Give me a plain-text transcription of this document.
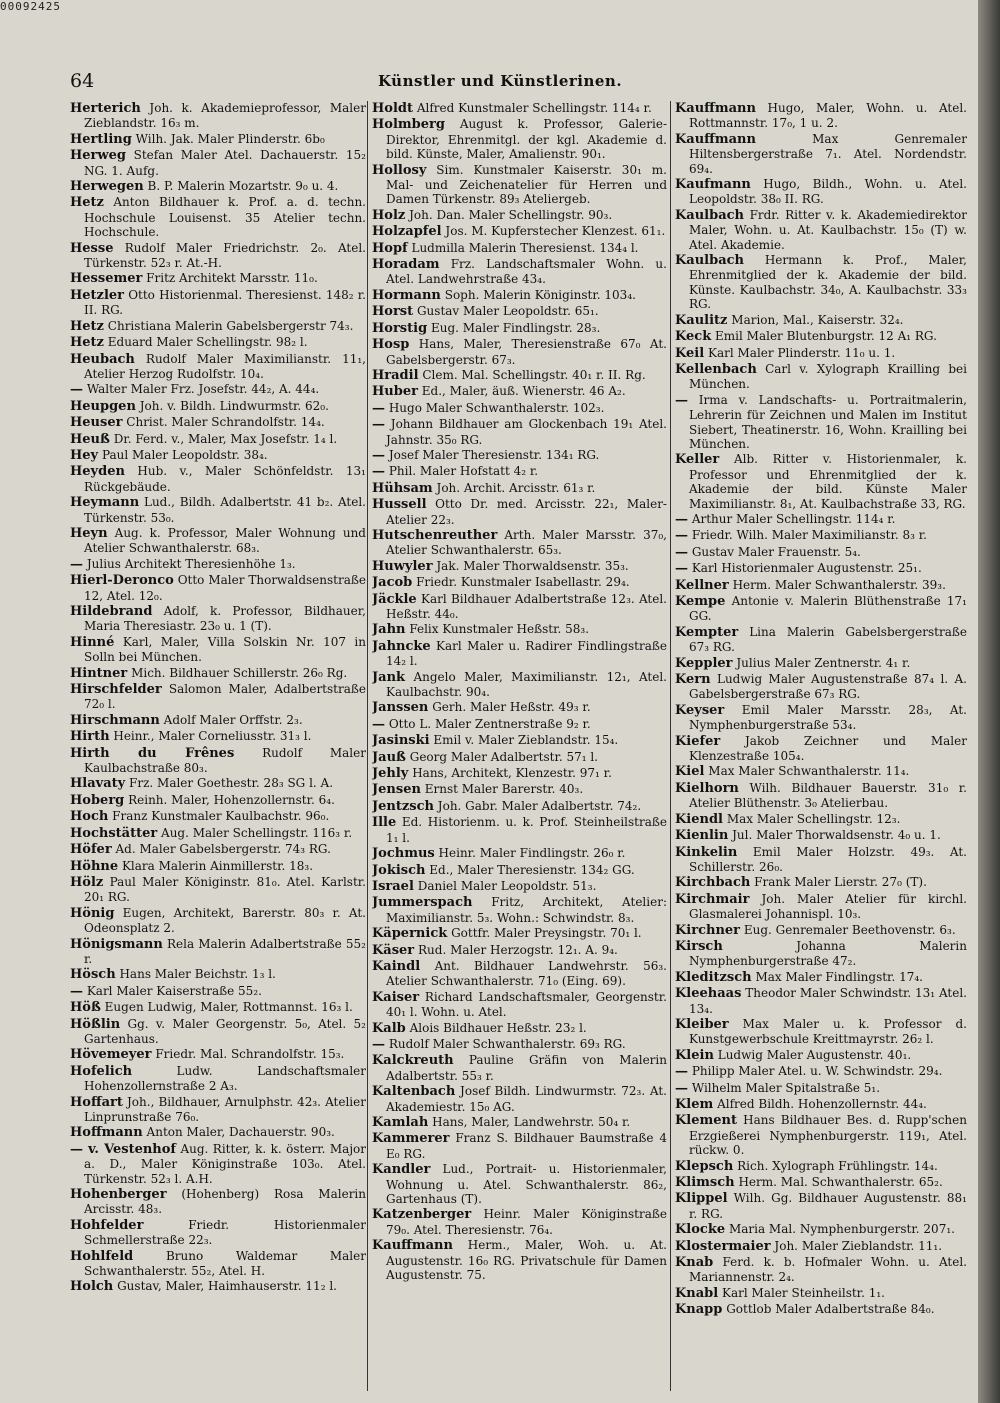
00092425
64	Künstler und Künstlerinen.
Herterich Joh. k. Akademieprofessor, Maler Zieblandstr. 16₃ m.
Hertling Wilh. Jak. Maler Plinderstr. 6b₀
Herweg Stefan Maler Atel. Dachauerstr. 15₂ NG. 1. Aufg.
Herwegen B. P. Malerin Mozartstr. 9₀ u. 4.
Hetz Anton Bildhauer k. Prof. a. d. techn. Hochschule Louisenst. 35 Atelier techn. Hochschule.
Hesse Rudolf Maler Friedrichstr. 2₀. Atel. Türkenstr. 52₃ r. At.-H.
Hessemer Fritz Architekt Marsstr. 11₀.
Hetzler Otto Historienmal. Theresienst. 148₂ r. II. RG.
Hetz Christiana Malerin Gabelsbergerstr 74₃.
Hetz Eduard Maler Schellingstr. 98₂ l.
Heubach Rudolf Maler Maximilianstr. 11₁, Atelier Herzog Rudolfstr. 10₄.
— Walter Maler Frz. Josefstr. 44₂, A. 44₄.
Heupgen Joh. v. Bildh. Lindwurmstr. 62₀.
Heuser Christ. Maler Schrandolfstr. 14₄.
Heuß Dr. Ferd. v., Maler, Max Josefstr. 1₄ l.
Hey Paul Maler Leopoldstr. 38₄.
Heyden Hub. v., Maler Schönfeldstr. 13₁ Rückgebäude.
Heymann Lud., Bildh. Adalbertstr. 41 b₂. Atel. Türkenstr. 53₀.
Heyn Aug. k. Professor, Maler Wohnung und Atelier Schwanthalerstr. 68₃.
— Julius Architekt Theresienhöhe 1₃.
Hierl-Deronco Otto Maler Thorwaldsenstraße 12, Atel. 12₀.
Hildebrand Adolf, k. Professor, Bildhauer, Maria Theresiastr. 23₀ u. 1 (T).
Hinné Karl, Maler, Villa Solskin Nr. 107 in Solln bei München.
Hintner Mich. Bildhauer Schillerstr. 26₀ Rg.
Hirschfelder Salomon Maler, Adalbertstraße 72₀ l.
Hirschmann Adolf Maler Orffstr. 2₃.
Hirth Heinr., Maler Corneliusstr. 31₃ l.
Hirth du Frênes Rudolf Maler Kaulbachstraße 80₃.
Hlavaty Frz. Maler Goethestr. 28₃ SG l. A.
Hoberg Reinh. Maler, Hohenzollernstr. 6₄.
Hoch Franz Kunstmaler Kaulbachstr. 96₀.
Hochstätter Aug. Maler Schellingstr. 116₃ r.
Höfer Ad. Maler Gabelsbergerstr. 74₃ RG.
Höhne Klara Malerin Ainmillerstr. 18₃.
Hölz Paul Maler Königinstr. 81₀. Atel. Karlstr. 20₁ RG.
Hönig Eugen, Architekt, Barerstr. 80₃ r. At. Odeonsplatz 2.
Hönigsmann Rela Malerin Adalbertstraße 55₂ r.
Hösch Hans Maler Beichstr. 1₃ l.
— Karl Maler Kaiserstraße 55₂.
Höß Eugen Ludwig, Maler, Rottmannst. 16₃ l.
Hößlin Gg. v. Maler Georgenstr. 5₀, Atel. 5₂ Gartenhaus.
Hövemeyer Friedr. Mal. Schrandolfstr. 15₃.
Hofelich	Ludw. Landschaftsmaler Hohenzollernstraße 2 A₃.
Hoffart Joh., Bildhauer, Arnulphstr. 42₃. Atelier Linprunstraße 76₀.
Hoffmann Anton Maler, Dachauerstr. 90₃.
— v. Vestenhof Aug. Ritter, k. k. österr. Major a. D., Maler Königinstraße 103₀. Atel. Türkenstr. 52₃ l. A.H.
Hohenberger (Hohenberg) Rosa Malerin Arcisstr. 48₃.
Hohfelder	Friedr. Historienmaler Schmellerstraße 22₃.
Hohlfeld	Bruno Waldemar Maler Schwanthalerstr. 55₂, Atel. H.
Holch Gustav, Maler, Haimhauserstr. 11₂ l.
Holdt Alfred Kunstmaler Schellingstr. 114₄ r.
Holmberg August k. Professor, Galerie-Direktor, Ehrenmitgl. der kgl. Akademie d. bild. Künste, Maler, Amalienstr. 90₁.
Hollosy Sim. Kunstmaler Kaiserstr. 30₁ m. Mal- und Zeichenatelier für Herren und Damen Türkenstr. 89₃ Ateliergeb.
Holz Joh. Dan. Maler Schellingstr. 90₃.
Holzapfel Jos. M. Kupferstecher Klenzest. 61₁.
Hopf Ludmilla Malerin Theresienst. 134₄ l.
Horadam Frz. Landschaftsmaler Wohn. u. Atel. Landwehrstraße 43₄.
Hormann Soph. Malerin Königinstr. 103₄.
Horst Gustav Maler Leopoldstr. 65₁.
Horstig Eug. Maler Findlingstr. 28₃.
Hosp Hans, Maler, Theresienstraße 67₀ At. Gabelsbergerstr. 67₃.
Hradil Clem. Mal. Schellingstr. 40₁ r. II. Rg.
Huber Ed., Maler, äuß. Wienerstr. 46 A₂.
— Hugo Maler Schwanthalerstr. 102₃.
— Johann Bildhauer am Glockenbach 19₁ Atel. Jahnstr. 35₀ RG.
— Josef Maler Theresienstr. 134₁ RG.
— Phil. Maler Hofstatt 4₂ r.
Hühsam Joh. Archit. Arcisstr. 61₃ r.
Hussell Otto Dr. med. Arcisstr. 22₁, Maler-Atelier 22₃.
Hutschenreuther Arth. Maler Marsstr. 37₀, Atelier Schwanthalerstr. 65₃.
Huwyler Jak. Maler Thorwaldsenstr. 35₃.
Jacob Friedr. Kunstmaler Isabellastr. 29₄.
Jäckle Karl Bildhauer Adalbertstraße 12₃. Atel. Heßstr. 44₀.
Jahn Felix Kunstmaler Heßstr. 58₃.
Jahncke Karl Maler u. Radirer Findlingstraße 14₂ l.
Jank Angelo Maler, Maximilianstr. 12₁, Atel. Kaulbachstr. 90₄.
Janssen Gerh. Maler Heßstr. 49₃ r.
— Otto L. Maler Zentnerstraße 9₂ r.
Jasinski Emil v. Maler Zieblandstr. 15₄.
Jauß Georg Maler Adalbertstr. 57₁ l.
Jehly Hans, Architekt, Klenzestr. 97₁ r.
Jensen Ernst Maler Barerstr. 40₃.
Jentzsch Joh. Gabr. Maler Adalbertstr. 74₂.
Ille Ed. Historienm. u. k. Prof. Steinheilstraße 1₁ l.
Jochmus Heinr. Maler Findlingstr. 26₀ r.
Jokisch Ed., Maler Theresienstr. 134₂ GG.
Israel Daniel Maler Leopoldstr. 51₃.
Jummerspach Fritz, Architekt, Atelier: Maximilianstr. 5₃. Wohn.: Schwindstr. 8₃.
Käpernick Gottfr. Maler Preysingstr. 70₁ l.
Käser Rud. Maler Herzogstr. 12₁. A. 9₄.
Kaindl Ant. Bildhauer Landwehrstr. 56₃. Atelier Schwanthalerstr. 71₀ (Eing. 69).
Kaiser Richard Landschaftsmaler, Georgenstr. 40₁ l. Wohn. u. Atel.
Kalb Alois Bildhauer Heßstr. 23₂ l.
— Rudolf Maler Schwanthalerstr. 69₃ RG.
Kalckreuth Pauline Gräfin von Malerin Adalbertstr. 55₃ r.
Kaltenbach Josef Bildh. Lindwurmstr. 72₃. At. Akademiestr. 15₀ AG.
Kamlah Hans, Maler, Landwehrstr. 50₄ r.
Kammerer Franz S. Bildhauer Baumstraße 4 E₀ RG.
Kandler Lud., Portrait- u. Historienmaler, Wohnung u. Atel. Schwanthalerstr. 86₂, Gartenhaus (T).
Katzenberger Heinr. Maler Königinstraße 79₀. Atel. Theresienstr. 76₄.
Kauffmann Herm., Maler, Woh. u. At. Augustenstr. 16₀ RG. Privatschule für Damen Augustenstr. 75.
Kauffmann Hugo, Maler, Wohn. u. Atel. Rottmannstr. 17₀, 1 u. 2.
Kauffmann	Max Genremaler Hiltensbergerstraße 7₁. Atel. Nordendstr. 69₄.
Kaufmann Hugo, Bildh., Wohn. u. Atel. Leopoldstr. 38₀ II. RG.
Kaulbach Frdr. Ritter v. k. Akademiedirektor Maler, Wohn. u. At. Kaulbachstr. 15₀ (T) w. Atel. Akademie.
Kaulbach Hermann k. Prof., Maler, Ehrenmitglied der k. Akademie der bild. Künste. Kaulbachstr. 34₀, A. Kaulbachstr. 33₃ RG.
Kaulitz Marion, Mal., Kaiserstr. 32₄.
Keck Emil Maler Blutenburgstr. 12 A₁ RG.
Keil Karl Maler Plinderstr. 11₀ u. 1.
Kellenbach Carl v. Xylograph Krailling bei München.
— Irma v. Landschafts- u. Portraitmalerin, Lehrerin für Zeichnen und Malen im Institut Siebert, Theatinerstr. 16, Wohn. Krailling bei München.
Keller Alb. Ritter v. Historienmaler, k. Professor und Ehrenmitglied der k. Akademie der bild. Künste Maler Maximilianstr. 8₁, At. Kaulbachstraße 33, RG.
— Arthur Maler Schellingstr. 114₄ r.
— Friedr. Wilh. Maler Maximilianstr. 8₃ r.
— Gustav Maler Frauenstr. 5₄.
— Karl Historienmaler Augustenstr. 25₁.
Kellner Herm. Maler Schwanthalerstr. 39₃.
Kempe Antonie v. Malerin Blüthenstraße 17₁ GG.
Kempter Lina Malerin Gabelsbergerstraße 67₃ RG.
Keppler Julius Maler Zentnerstr. 4₁ r.
Kern Ludwig Maler Augustenstraße 87₄ l. A. Gabelsbergerstraße 67₃ RG.
Keyser Emil Maler Marsstr. 28₃, At. Nymphenburgerstraße 53₄.
Kiefer Jakob Zeichner und Maler Klenzestraße 105₄.
Kiel Max Maler Schwanthalerstr. 11₄.
Kielhorn Wilh. Bildhauer Bauerstr. 31₀ r. Atelier Blüthenstr. 3₀ Atelierbau.
Kiendl Max Maler Schellingstr. 12₃.
Kienlin Jul. Maler Thorwaldsenstr. 4₀ u. 1.
Kinkelin Emil Maler Holzstr. 49₃. At. Schillerstr. 26₀.
Kirchbach Frank Maler Lierstr. 27₀ (T).
Kirchmair Joh. Maler Atelier für kirchl. Glasmalerei Johannispl. 10₃.
Kirchner Eug. Genremaler Beethovenstr. 6₃.
Kirsch	Johanna Malerin Nymphenburgerstraße 47₂.
Kleditzsch Max Maler Findlingstr. 17₄.
Kleehaas Theodor Maler Schwindstr. 13₁ Atel. 13₄.
Kleiber Max Maler u. k. Professor d. Kunstgewerbschule Kreittmayrstr. 26₂ l.
Klein Ludwig Maler Augustenstr. 40₁.
— Philipp Maler Atel. u. W. Schwindstr. 29₄.
— Wilhelm Maler Spitalstraße 5₁.
Klem Alfred Bildh. Hohenzollernstr. 44₄.
Klement Hans Bildhauer Bes. d. Rupp'schen Erzgießerei Nymphenburgerstr. 119₁, Atel. rückw. 0.
Klepsch Rich. Xylograph Frühlingstr. 14₄.
Klimsch Herm. Mal. Schwanthalerstr. 65₂.
Klippel Wilh. Gg. Bildhauer Augustenstr. 88₁ r. RG.
Klocke Maria Mal. Nymphenburgerstr. 207₁.
Klostermaier Joh. Maler Zieblandstr. 11₁.
Knab Ferd. k. b. Hofmaler Wohn. u. Atel. Mariannenstr. 2₄.
Knabl Karl Maler Steinheilstr. 1₁.
Knapp Gottlob Maler Adalbertstraße 84₀.
